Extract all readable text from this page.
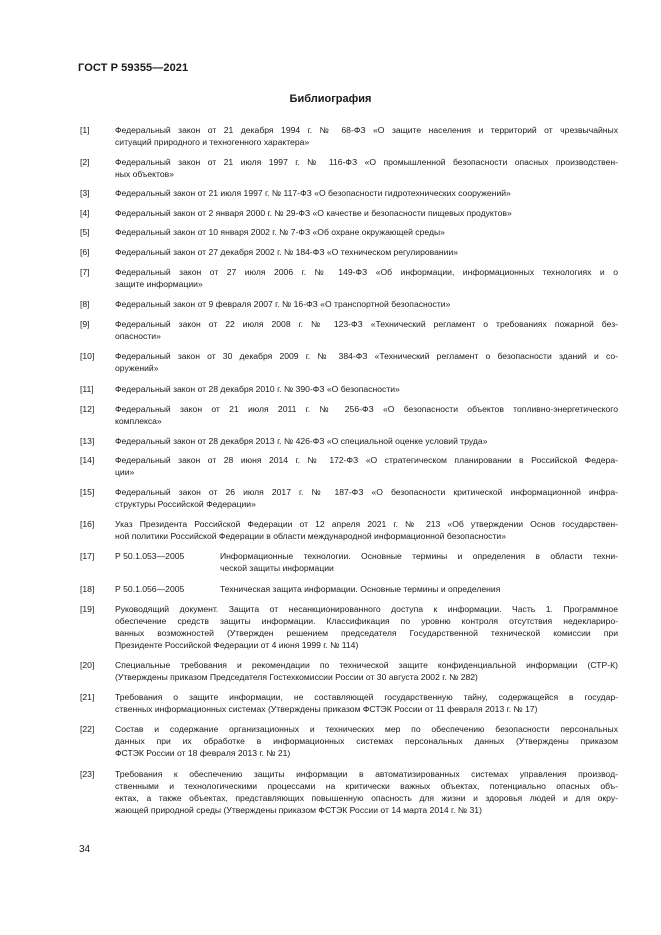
ГОСТ Р 59355—2021
Библиография
[1]	Федеральный закон от 21 декабря 1994 г. № 68-ФЗ «О защите населения и территорий от чрезвычайных
ситуаций природного и техногенного характера»
[2]	Федеральный закон от 21 июля 1997 г. № 116-ФЗ «О промышленной безопасности опасных производствен-
ных объектов»
[3]	Федеральный закон от 21 июля 1997 г. № 117-ФЗ «О безопасности гидротехнических сооружений»
[4]	Федеральный закон от 2 января 2000 г. № 29-ФЗ «О качестве и безопасности пищевых продуктов»
[5]	Федеральный закон от 10 января 2002 г. № 7-ФЗ «Об охране окружающей среды»
[6]	Федеральный закон от 27 декабря 2002 г. № 184-ФЗ «О техническом регулировании»
[7]	Федеральный закон от 27 июля 2006 г. № 149-ФЗ «Об информации, информационных технологиях и о
защите информации»
[8]	Федеральный закон от 9 февраля 2007 г. № 16-ФЗ «О транспортной безопасности»
[9]	Федеральный закон от 22 июля 2008 г. № 123-ФЗ «Технический регламент о требованиях пожарной без-
опасности»
[10] Федеральный закон от 30 декабря 2009 г. № 384-ФЗ «Технический регламент о безопасности зданий и со-
оружений»
[11] Федеральный закон от 28 декабря 2010 г. № 390-ФЗ «О безопасности»
[12] Федеральный закон от 21 июля 2011 г. № 256-ФЗ «О безопасности объектов топливно-энергетического
комплекса»
[13] Федеральный закон от 28 декабря 2013 г. № 426-ФЗ «О специальной оценке условий труда»
[14] Федеральный закон от 28 июня 2014 г. № 172-ФЗ «О стратегическом планировании в Российской Федера-
ции»
[15] Федеральный закон от 26 июля 2017 г. № 187-ФЗ «О безопасности критической информационной инфра-
структуры Российской Федерации»
[16] Указ Президента Российской Федерации от 12 апреля 2021 г. № 213 «Об утверждении Основ государствен-
ной политики Российской Федерации в области международной информационной безопасности»
[17] Р 50.1.053—2005	Информационные технологии. Основные термины и определения в области техни-
ческой защиты информации
[18] Р 50.1.056—2005	Техническая защита информации. Основные термины и определения
[19] Руководящий документ. Защита от несанкционированного доступа к информации. Часть 1. Программное
обеспечение средств защиты информации. Классификация по уровню контроля отсутствия недеклариро-
ванных возможностей (Утвержден решением председателя Государственной технической комиссии при
Президенте Российской Федерации от 4 июня 1999 г. № 114)
[20] Специальные требования и рекомендации по технической защите конфиденциальной информации (СТР-К)
(Утверждены приказом Председателя Гостехкомиссии России от 30 августа 2002 г. № 282)
[21] Требования о защите информации, не составляющей государственную тайну, содержащейся в государ-
ственных информационных системах (Утверждены приказом ФСТЭК России от 11 февраля 2013 г. № 17)
[22] Состав и содержание организационных и технических мер по обеспечению безопасности персональных
данных при их обработке в информационных системах персональных данных (Утверждены приказом
ФСТЭК России от 18 февраля 2013 г. № 21)
[23] Требования к обеспечению защиты информации в автоматизированных системах управления производ-
ственными и технологическими процессами на критически важных объектах, потенциально опасных объ-
ектах, а также объектах, представляющих повышенную опасность для жизни и здоровья людей и для окру-
жающей природной среды (Утверждены приказом ФСТЭК России от 14 марта 2014 г. № 31)
34
